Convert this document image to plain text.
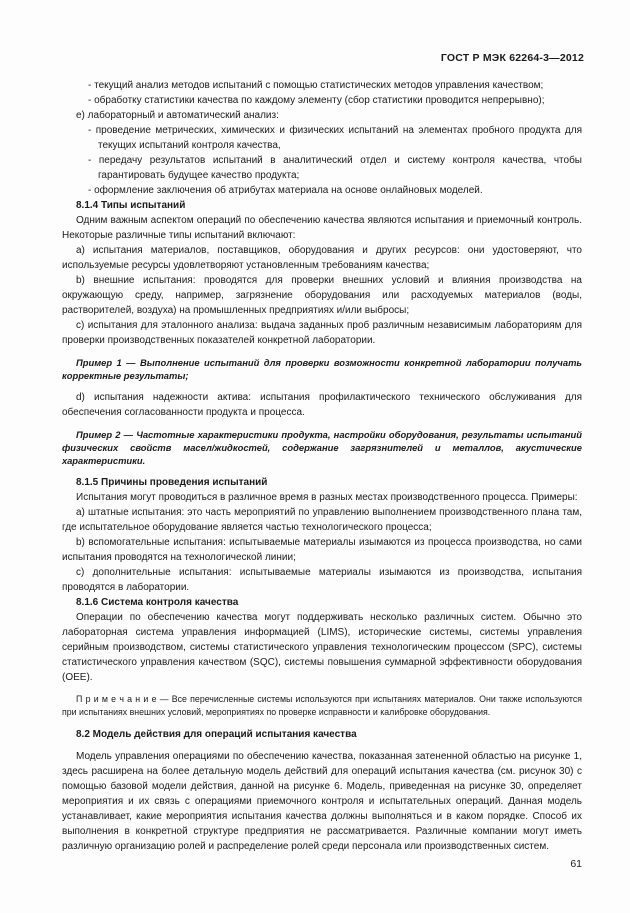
ГОСТ Р МЭК 62264-3—2012

- текущий анализ методов испытаний с помощью статистических методов управления качеством;

- обработку статистики качества по каждому элементу (сбор статистики проводится непрерывно);

e) лабораторный и автоматический анализ:

- проведение метрических, химических и физических испытаний на элементах пробного продукта для текущих испытаний контроля качества,

- передачу результатов испытаний в аналитический отдел и систему контроля качества, чтобы гарантировать будущее качество продукта;

- оформление заключения об атрибутах материала на основе онлайновых моделей.

8.1.4 Типы испытаний

Одним важным аспектом операций по обеспечению качества являются испытания и приемочный контроль. Некоторые различные типы испытаний включают:

a) испытания материалов, поставщиков, оборудования и других ресурсов: они удостоверяют, что используемые ресурсы удовлетворяют установленным требованиям качества;

b) внешние испытания: проводятся для проверки внешних условий и влияния производства на окружающую среду, например, загрязнение оборудования или расходуемых материалов (воды, растворителей, воздуха) на промышленных предприятиях и/или выбросы;

c) испытания для эталонного анализа: выдача заданных проб различным независимым лабораториям для проверки производственных показателей конкретной лаборатории.

Пример 1 — Выполнение испытаний для проверки возможности конкретной лаборатории получать корректные результаты;

d) испытания надежности актива: испытания профилактического технического обслуживания для обеспечения согласованности продукта и процесса.

Пример 2 — Частотные характеристики продукта, настройки оборудования, результаты испытаний физических свойств масел/жидкостей, содержание загрязнителей и металлов, акустические характеристики.

8.1.5 Причины проведения испытаний

Испытания могут проводиться в различное время в разных местах производственного процесса. Примеры:

a) штатные испытания: это часть мероприятий по управлению выполнением производственного плана там, где испытательное оборудование является частью технологического процесса;

b) вспомогательные испытания: испытываемые материалы изымаются из процесса производства, но сами испытания проводятся на технологической линии;

c) дополнительные испытания: испытываемые материалы изымаются из производства, испытания проводятся в лаборатории.

8.1.6 Система контроля качества

Операции по обеспечению качества могут поддерживать несколько различных систем. Обычно это лабораторная система управления информацией (LIMS), исторические системы, системы управления серийным производством, системы статистического управления технологическим процессом (SPC), системы статистического управления качеством (SQC), системы повышения суммарной эффективности оборудования (OEE).

П р и м е ч а н и е — Все перечисленные системы используются при испытаниях материалов. Они также используются при испытаниях внешних условий, мероприятиях по проверке исправности и калибровке оборудования.

8.2 Модель действия для операций испытания качества

Модель управления операциями по обеспечению качества, показанная затененной областью на рисунке 1, здесь расширена на более детальную модель действий для операций испытания качества (см. рисунок 30) с помощью базовой модели действия, данной на рисунке 6. Модель, приведенная на рисунке 30, определяет мероприятия и их связь с операциями приемочного контроля и испытательных операций. Данная модель устанавливает, какие мероприятия испытания качества должны выполняться и в каком порядке. Способ их выполнения в конкретной структуре предприятия не рассматривается. Различные компании могут иметь различную организацию ролей и распределение ролей среди персонала или производственных систем.

61
